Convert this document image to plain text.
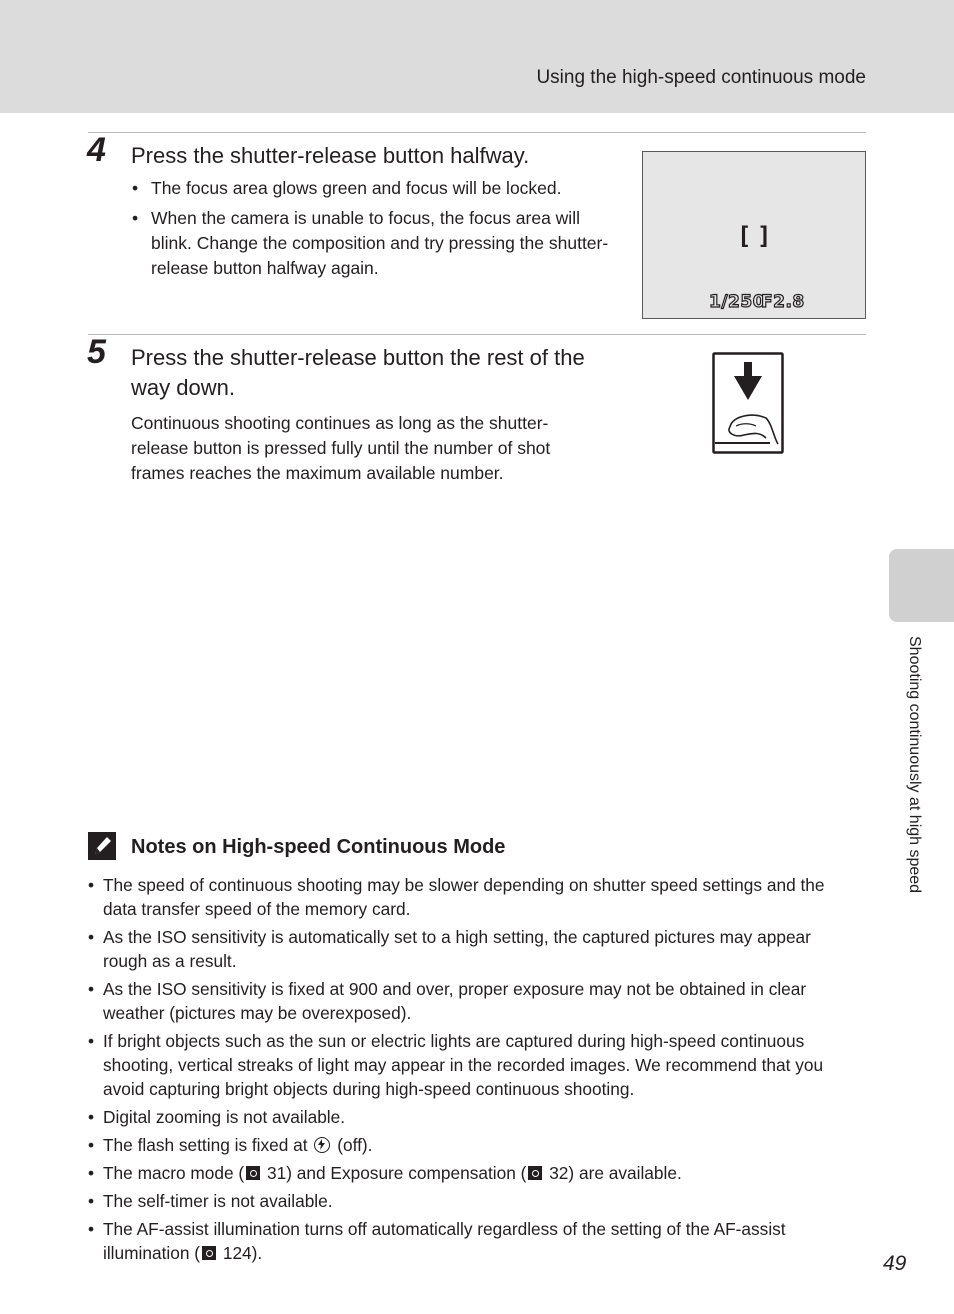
Using the high-speed continuous mode
4 Press the shutter-release button halfway.
• The focus area glows green and focus will be locked.
• When the camera is unable to focus, the focus area will blink. Change the composition and try pressing the shutter-release button halfway again.
[ ]
1/250
F2.8
5 Press the shutter-release button the rest of the
way down.
Continuous shooting continues as long as the shutter-release button is pressed fully until the number of shot frames reaches the maximum available number.
Notes on High-speed Continuous Mode
• The speed of continuous shooting may be slower depending on shutter speed settings and the data transfer speed of the memory card.
• As the ISO sensitivity is automatically set to a high setting, the captured pictures may appear rough as a result.
• As the ISO sensitivity is fixed at 900 and over, proper exposure may not be obtained in clear weather (pictures may be overexposed).
• If bright objects such as the sun or electric lights are captured during high-speed continuous shooting, vertical streaks of light may appear in the recorded images. We recommend that you avoid capturing bright objects during high-speed continuous shooting.
• Digital zooming is not available.
• The flash setting is fixed at (off).
• The macro mode ( 31) and Exposure compensation ( 32) are available.
• The self-timer is not available.
• The AF-assist illumination turns off automatically regardless of the setting of the AF-assist illumination ( 124).
Shooting continuously at high speed
49
